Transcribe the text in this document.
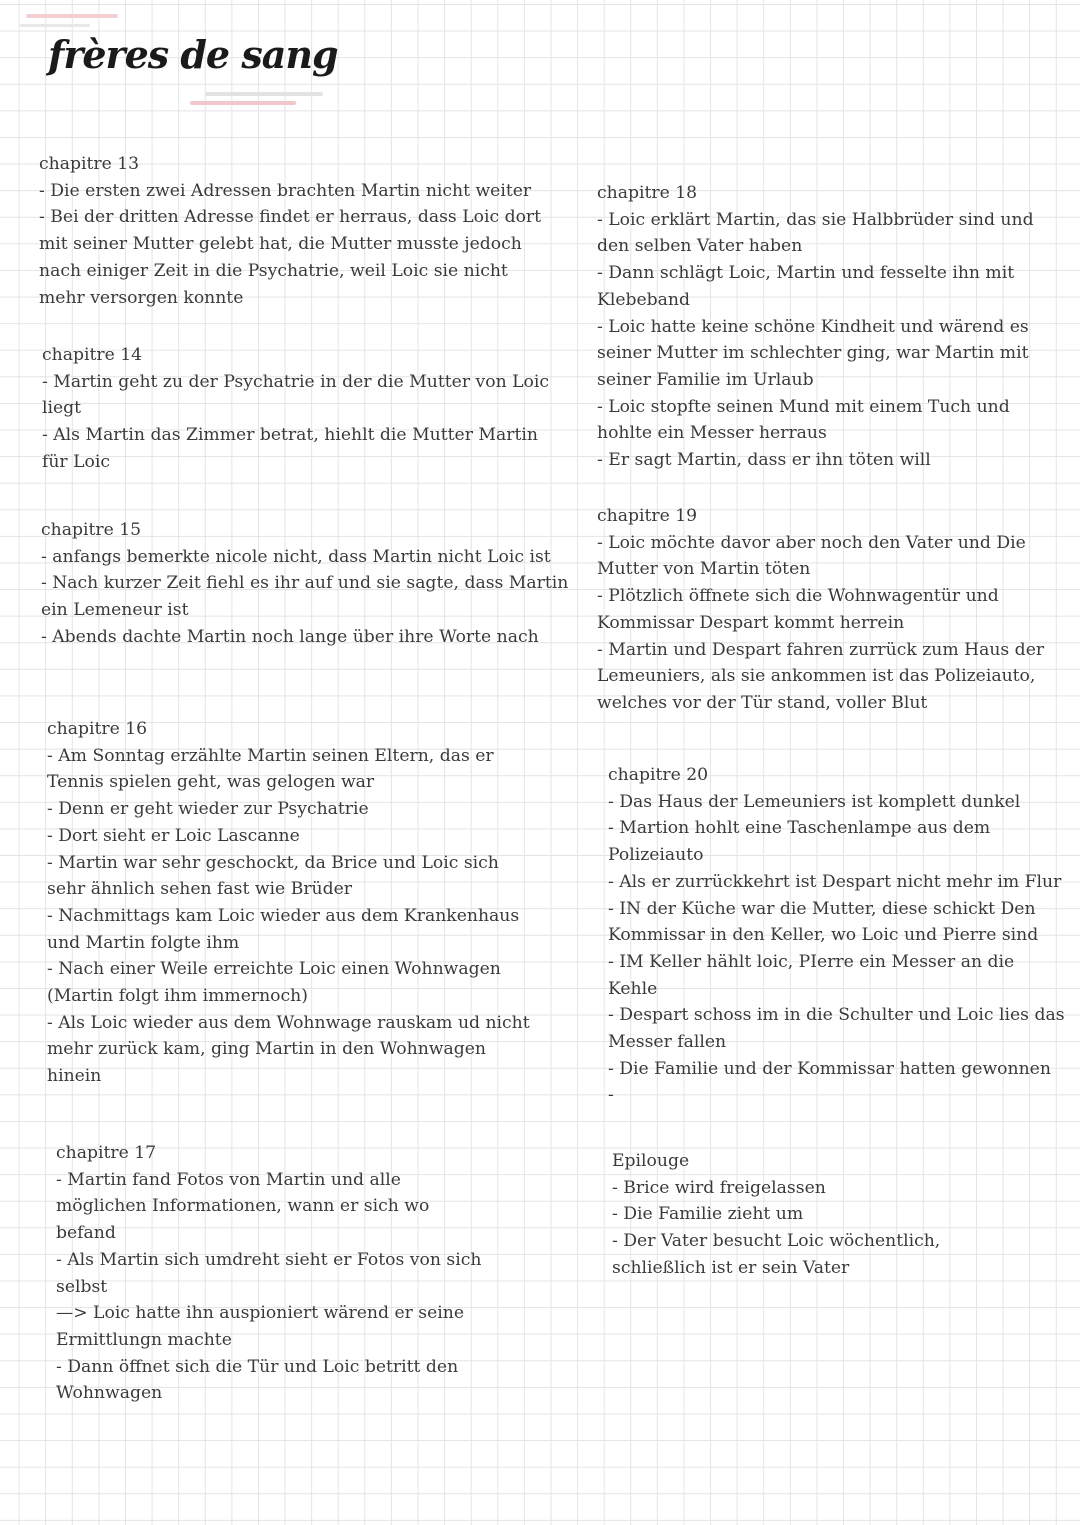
frères de sang
chapitre 13
- Die ersten zwei Adressen brachten Martin nicht weiter
- Bei der dritten Adresse findet er herraus, dass Loic dort
mit seiner Mutter gelebt hat, die Mutter musste jedoch
nach einiger Zeit in die Psychatrie, weil Loic sie nicht
mehr versorgen konnte
chapitre 14
- Martin geht zu der Psychatrie in der die Mutter von Loic
liegt
- Als Martin das Zimmer betrat, hiehlt die Mutter Martin
für Loic
chapitre 15
- anfangs bemerkte nicole nicht, dass Martin nicht Loic ist
- Nach kurzer Zeit fiehl es ihr auf und sie sagte, dass Martin
ein Lemeneur ist
- Abends dachte Martin noch lange über ihre Worte nach
chapitre 16
- Am Sonntag erzählte Martin seinen Eltern, das er
Tennis spielen geht, was gelogen war
- Denn er geht wieder zur Psychatrie
- Dort sieht er Loic Lascanne
- Martin war sehr geschockt, da Brice und Loic sich
sehr ähnlich sehen fast wie Brüder
- Nachmittags kam Loic wieder aus dem Krankenhaus
und Martin folgte ihm
- Nach einer Weile erreichte Loic einen Wohnwagen
(Martin folgt ihm immernoch)
- Als Loic wieder aus dem Wohnwage rauskam ud nicht
mehr zurück kam, ging Martin in den Wohnwagen
hinein
chapitre 17
- Martin fand Fotos von Martin und alle
möglichen Informationen, wann er sich wo
befand
- Als Martin sich umdreht sieht er Fotos von sich
selbst
—> Loic hatte ihn auspioniert wärend er seine
Ermittlungn machte
- Dann öffnet sich die Tür und Loic betritt den
Wohnwagen
chapitre 18
- Loic erklärt Martin, das sie Halbbrüder sind und
den selben Vater haben
- Dann schlägt Loic, Martin und fesselte ihn mit
Klebeband
- Loic hatte keine schöne Kindheit und wärend es
seiner Mutter im schlechter ging, war Martin mit
seiner Familie im Urlaub
- Loic stopfte seinen Mund mit einem Tuch und
hohlte ein Messer herraus
- Er sagt Martin, dass er ihn töten will
chapitre 19
- Loic möchte davor aber noch den Vater und Die
Mutter von Martin töten
- Plötzlich öffnete sich die Wohnwagentür und
Kommissar Despart kommt herrein
- Martin und Despart fahren zurrück zum Haus der
Lemeuniers, als sie ankommen ist das Polizeiauto,
welches vor der Tür stand, voller Blut
chapitre 20
- Das Haus der Lemeuniers ist komplett dunkel
- Martion hohlt eine Taschenlampe aus dem
Polizeiauto
- Als er zurrückkehrt ist Despart nicht mehr im Flur
- IN der Küche war die Mutter, diese schickt Den
Kommissar in den Keller, wo Loic und Pierre sind
- IM Keller hählt loic, PIerre ein Messer an die
Kehle
- Despart schoss im in die Schulter und Loic lies das
Messer fallen
- Die Familie und der Kommissar hatten gewonnen
-
Epilouge
- Brice wird freigelassen
- Die Familie zieht um
- Der Vater besucht Loic wöchentlich,
schließlich ist er sein Vater
